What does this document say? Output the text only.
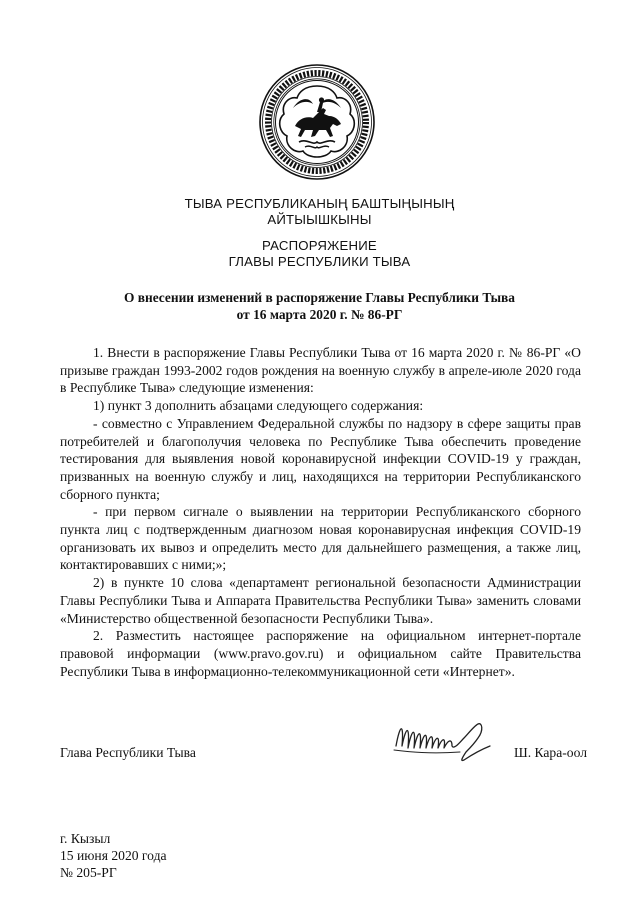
ТЫВА РЕСПУБЛИКАНЫҢ БАШТЫҢЫНЫҢ
АЙТЫЫШКЫНЫ
РАСПОРЯЖЕНИЕ
ГЛАВЫ РЕСПУБЛИКИ ТЫВА
О внесении изменений в распоряжение Главы Республики Тыва
от 16 марта 2020 г. № 86-РГ

1. Внести в распоряжение Главы Республики Тыва от 16 марта 2020 г. № 86-РГ «О призыве граждан 1993-2002 годов рождения на военную службу в апреле-июле 2020 года в Республике Тыва» следующие изменения:

1) пункт 3 дополнить абзацами следующего содержания:

- совместно с Управлением Федеральной службы по надзору в сфере защиты прав потребителей и благополучия человека по Республике Тыва обеспечить проведение тестирования для выявления новой коронавирусной инфекции COVID-19 у граждан, призванных на военную службу и лиц, находящихся на территории Республиканского сборного пункта;

- при первом сигнале о выявлении на территории Республиканского сборного пункта лиц с подтвержденным диагнозом новая коронавирусная инфекция COVID-19 организовать их вывоз и определить место для дальнейшего размещения, а также лиц, контактировавших с ними;»;

2) в пункте 10 слова «департамент региональной безопасности Администрации Главы Республики Тыва и Аппарата Правительства Республики Тыва» заменить словами «Министерство общественной безопасности Республики Тыва».

2. Разместить настоящее распоряжение на официальном интернет-портале правовой информации (www.pravo.gov.ru) и официальном сайте Правительства Республики Тыва в информационно-телекоммуникационной сети «Интернет».

Глава Республики Тыва	Ш. Кара-оол
г. Кызыл
15 июня 2020 года
№ 205-РГ
